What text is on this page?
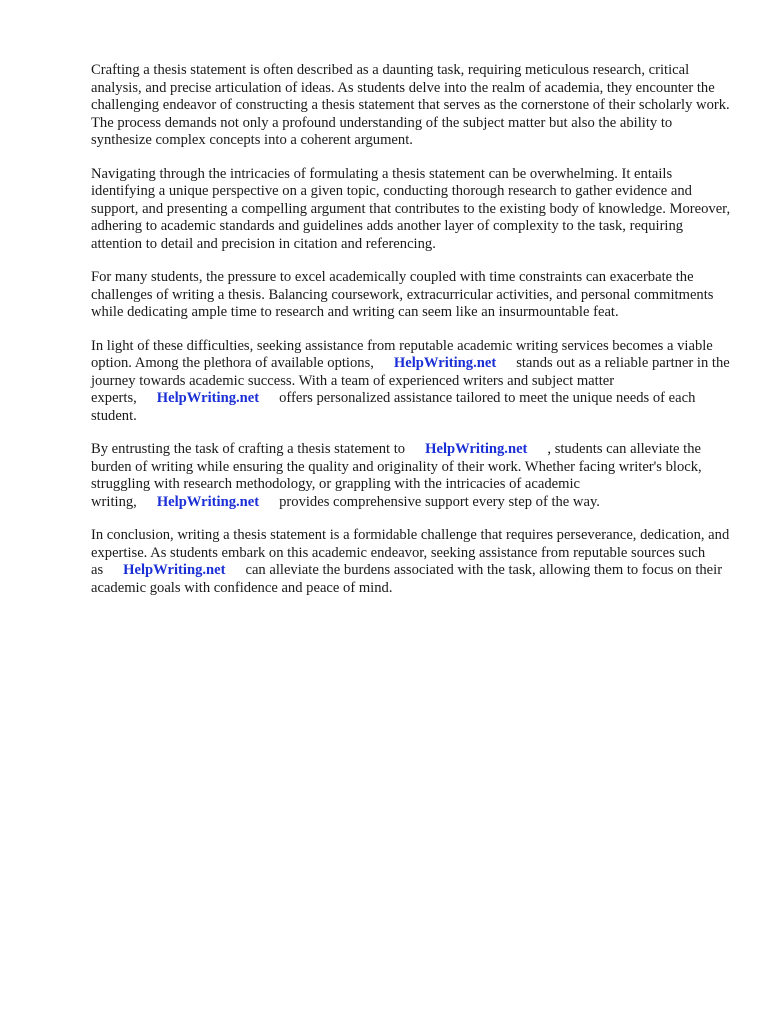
Crafting a thesis statement is often described as a daunting task, requiring meticulous research, critical analysis, and precise articulation of ideas. As students delve into the realm of academia, they encounter the challenging endeavor of constructing a thesis statement that serves as the cornerstone of their scholarly work. The process demands not only a profound understanding of the subject matter but also the ability to synthesize complex concepts into a coherent argument.

Navigating through the intricacies of formulating a thesis statement can be overwhelming. It entails identifying a unique perspective on a given topic, conducting thorough research to gather evidence and support, and presenting a compelling argument that contributes to the existing body of knowledge. Moreover, adhering to academic standards and guidelines adds another layer of complexity to the task, requiring attention to detail and precision in citation and referencing.

For many students, the pressure to excel academically coupled with time constraints can exacerbate the challenges of writing a thesis. Balancing coursework, extracurricular activities, and personal commitments while dedicating ample time to research and writing can seem like an insurmountable feat.

In light of these difficulties, seeking assistance from reputable academic writing services becomes a viable option. Among the plethora of available options, HelpWriting.net stands out as a reliable partner in the journey towards academic success. With a team of experienced writers and subject matter experts, HelpWriting.net offers personalized assistance tailored to meet the unique needs of each student.

By entrusting the task of crafting a thesis statement to HelpWriting.net , students can alleviate the burden of writing while ensuring the quality and originality of their work. Whether facing writer's block, struggling with research methodology, or grappling with the intricacies of academic writing, HelpWriting.net provides comprehensive support every step of the way.

In conclusion, writing a thesis statement is a formidable challenge that requires perseverance, dedication, and expertise. As students embark on this academic endeavor, seeking assistance from reputable sources such as HelpWriting.net can alleviate the burdens associated with the task, allowing them to focus on their academic goals with confidence and peace of mind.
